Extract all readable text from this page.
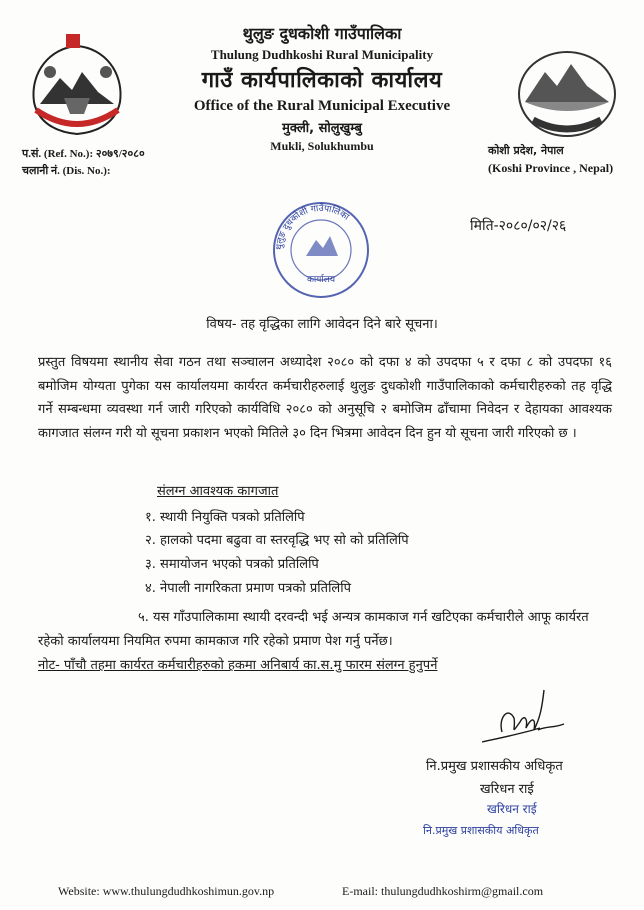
थुलुङ दुधकोशी गाउँपालिका
Thulung Dudhkoshi Rural Municipality
गाउँ कार्यपालिकाको कार्यालय
Office of the Rural Municipal Executive
मुक्ली, सोलुखुम्बु
Mukli, Solukhumbu
प.सं. (Ref. No.): २०७९/२०८०
चलानी नं. (Dis. No.):
कोशी प्रदेश, नेपाल
(Koshi Province , Nepal)
थुलुङ दुधकोशी गाउँपालिका
कार्यालय
मिति-२०८०/०२/२६
विषय- तह वृद्धिका लागि आवेदन दिने बारे सूचना।
प्रस्तुत विषयमा स्थानीय सेवा गठन तथा सञ्चालन अध्यादेश २०८० को दफा ४ को उपदफा ५ र दफा ८ को उपदफा १६ बमोजिम योग्यता पुगेका यस कार्यालयमा कार्यरत कर्मचारीहरुलाई थुलुङ दुधकोशी गाउँपालिकाको कर्मचारीहरुको तह वृद्धि गर्ने सम्बन्धमा व्यवस्था गर्न जारी गरिएको कार्यविधि २०८० को अनुसूचि २ बमोजिम ढाँचामा निवेदन र देहायका आवश्यक कागजात संलग्न गरी यो सूचना प्रकाशन भएको मितिले ३० दिन भित्रमा आवेदन दिन हुन यो सूचना जारी गरिएको छ ।
संलग्न आवश्यक कागजात
१. स्थायी नियुक्ति पत्रको प्रतिलिपि
२. हालको पदमा बढुवा वा स्तरवृद्धि भए सो को प्रतिलिपि
३. समायोजन भएको पत्रको प्रतिलिपि
४. नेपाली नागरिकता प्रमाण पत्रको प्रतिलिपि
५. यस गाँउपालिकामा स्थायी दरवन्दी भई अन्यत्र कामकाज गर्न खटिएका कर्मचारीले आफू कार्यरत रहेको कार्यालयमा नियमित रुपमा कामकाज गरि रहेको प्रमाण पेश गर्नु पर्नेछ।
नोट- पाँचौ तहमा कार्यरत कर्मचारीहरुको हकमा अनिबार्य का.स.मु फारम संलग्न हुनुपर्ने
नि.प्रमुख प्रशासकीय अधिकृत
खरिधन राई
खरिधन राई
नि.प्रमुख प्रशासकीय अधिकृत
Website: www.thulungdudhkoshimun.gov.np	E-mail: thulungdudhkoshirm@gmail.com
